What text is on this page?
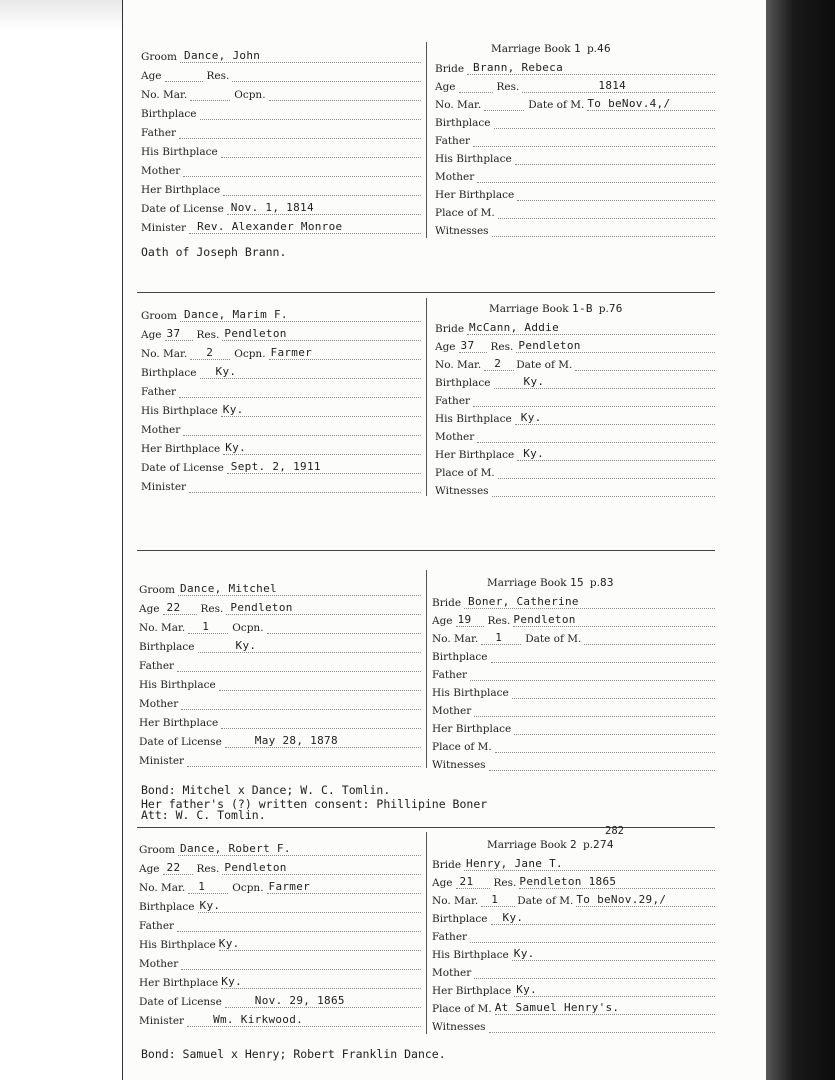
Groom Dance, John
Age	Res.
No. Mar.	Ocpn.
Birthplace
Father
His Birthplace
Mother
Her Birthplace
Date of License Nov. 1, 1814
Minister Rev. Alexander Monroe
Marriage Book 1 p.46
Bride Brann, Rebeca
Age	Res.	1814
No. Mar.	Date of M. To beNov.4,/
Birthplace
Father
His Birthplace
Mother
Her Birthplace
Place of M.
Witnesses
Oath of Joseph Brann.
Groom Dance, Marim F.
Age 37 Res. Pendleton
No. Mar. 2 Ocpn. Farmer
Birthplace Ky.
Father
His Birthplace Ky.
Mother
Her Birthplace Ky.
Date of License Sept. 2, 1911
Minister
Marriage Book 1-B p.76
Bride McCann, Addie
Age 37 Res. Pendleton
No. Mar. 2 Date of M.
Birthplace	Ky.
Father
His Birthplace Ky.
Mother
Her Birthplace Ky.
Place of M.
Witnesses
Groom Dance, Mitchel
Age 22 Res. Pendleton
No. Mar. 1 Ocpn.
Birthplace	Ky.
Father
His Birthplace
Mother
Her Birthplace
Date of License	May 28, 1878
Minister
Marriage Book 15 p.83
Bride Boner, Catherine
Age 19 Res. Pendleton
No. Mar. 1 Date of M.
Birthplace
Father
His Birthplace
Mother
Her Birthplace
Place of M.
Witnesses
Bond: Mitchel x Dance; W. C. Tomlin.
Her father's (?) written consent: Phillipine Boner
Att: W. C. Tomlin.
Groom Dance, Robert F.
Age 22 Res. Pendleton
No. Mar. 1	Ocpn. Farmer
Birthplace Ky.
Father
His Birthplace Ky.
Mother
Her Birthplace Ky.
Date of License	Nov. 29, 1865
Minister	Wm. Kirkwood.
282
Marriage Book 2 p.274
Bride Henry, Jane T.
Age 21 Res. Pendleton 1865
No. Mar. 1 Date of M. To beNov.29,/
Birthplace Ky.
Father
His Birthplace Ky.
Mother
Her Birthplace Ky.
Place of M. At Samuel Henry's.
Witnesses
Bond: Samuel x Henry; Robert Franklin Dance.
